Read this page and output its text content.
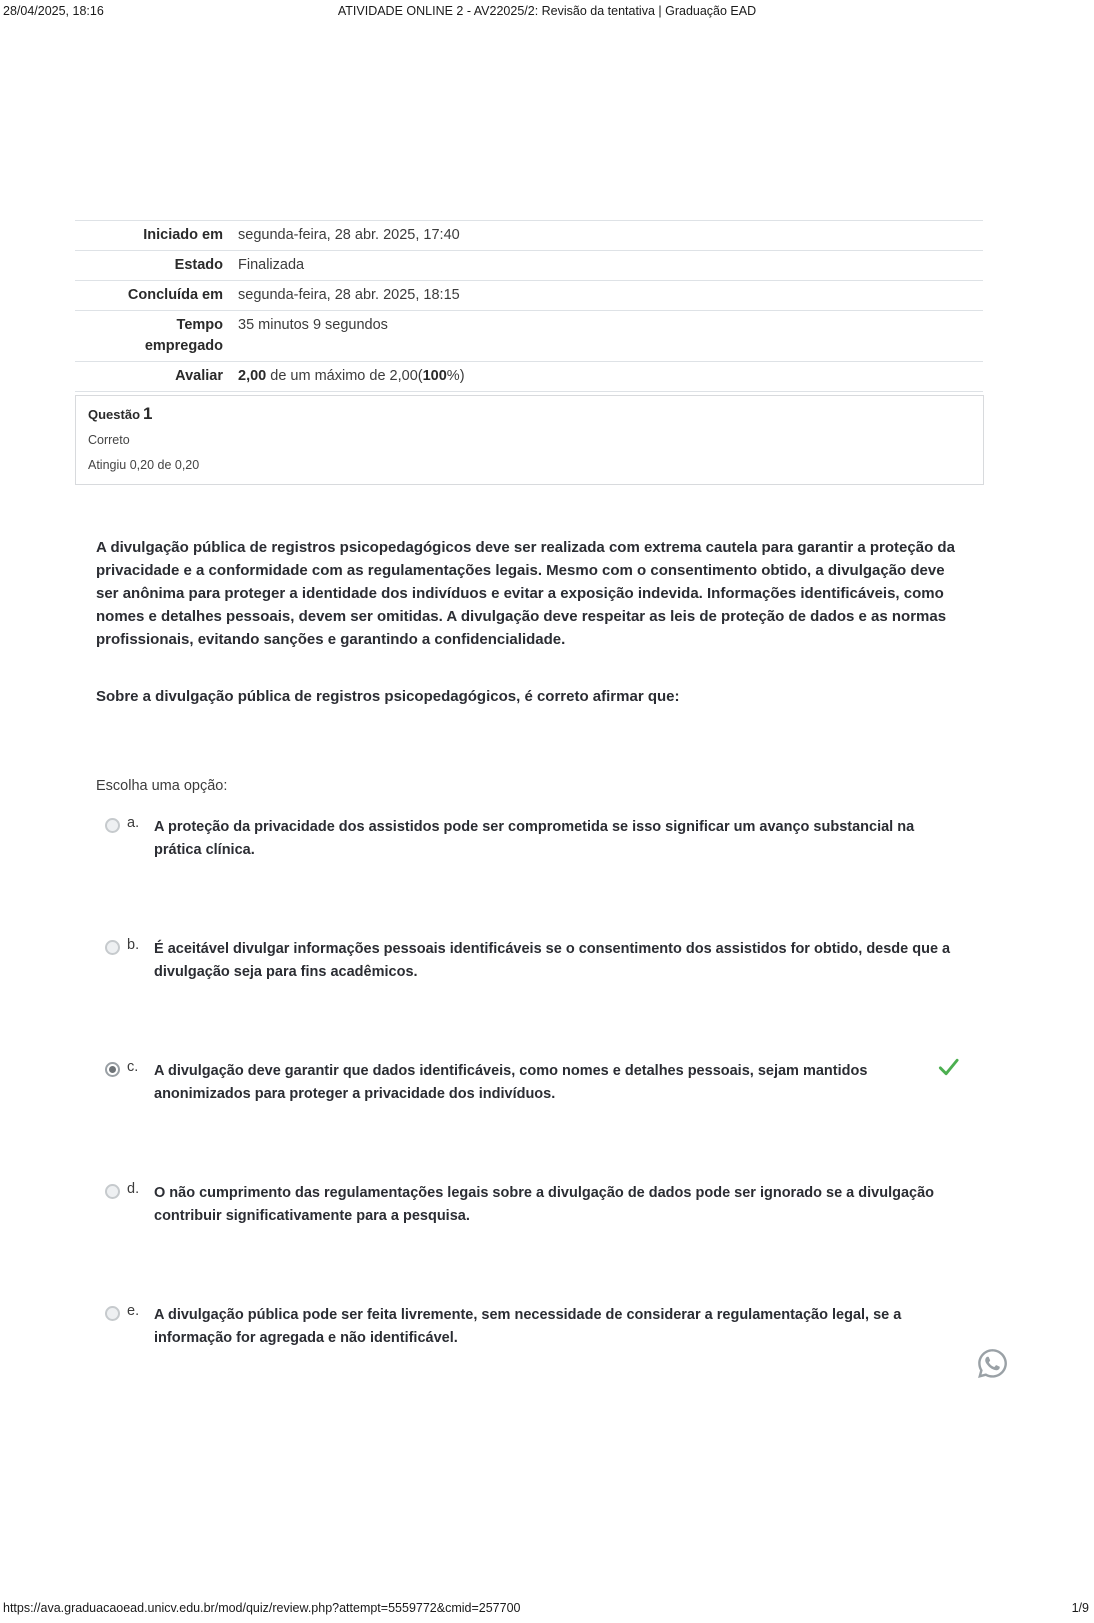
28/04/2025, 18:16	ATIVIDADE ONLINE 2 - AV22025/2: Revisão da tentativa | Graduação EAD
Iniciado em	segunda-feira, 28 abr. 2025, 17:40
Estado	Finalizada
Concluída em	segunda-feira, 28 abr. 2025, 18:15
Tempo empregado	35 minutos 9 segundos
Avaliar	2,00 de um máximo de 2,00(100%)
Questão 1
Correto
Atingiu 0,20 de 0,20
A divulgação pública de registros psicopedagógicos deve ser realizada com extrema cautela para garantir a proteção da privacidade e a conformidade com as regulamentações legais. Mesmo com o consentimento obtido, a divulgação deve ser anônima para proteger a identidade dos indivíduos e evitar a exposição indevida. Informações identificáveis, como nomes e detalhes pessoais, devem ser omitidas. A divulgação deve respeitar as leis de proteção de dados e as normas profissionais, evitando sanções e garantindo a confidencialidade.
Sobre a divulgação pública de registros psicopedagógicos, é correto afirmar que:
Escolha uma opção:
a. A proteção da privacidade dos assistidos pode ser comprometida se isso significar um avanço substancial na prática clínica.
b. É aceitável divulgar informações pessoais identificáveis se o consentimento dos assistidos for obtido, desde que a divulgação seja para fins acadêmicos.
c. A divulgação deve garantir que dados identificáveis, como nomes e detalhes pessoais, sejam mantidos anonimizados para proteger a privacidade dos indivíduos.
d. O não cumprimento das regulamentações legais sobre a divulgação de dados pode ser ignorado se a divulgação contribuir significativamente para a pesquisa.
e. A divulgação pública pode ser feita livremente, sem necessidade de considerar a regulamentação legal, se a informação for agregada e não identificável.
https://ava.graduacaoead.unicv.edu.br/mod/quiz/review.php?attempt=5559772&cmid=257700	1/9
